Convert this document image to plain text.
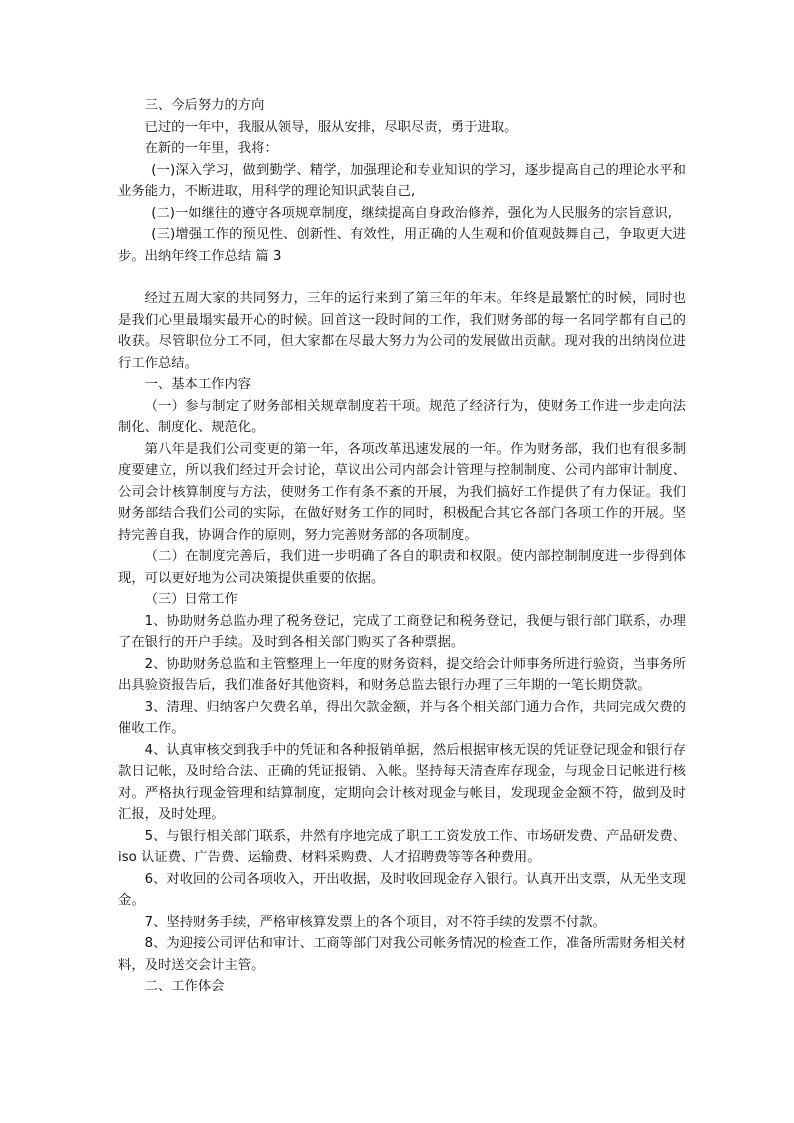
三、今后努力的方向

已过的一年中，我服从领导，服从安排，尽职尽责，勇于进取。

在新的一年里，我将：

(一)深入学习，做到勤学、精学，加强理论和专业知识的学习，逐步提高自己的理论水平和业务能力，不断进取，用科学的理论知识武装自己,

(二)一如继往的遵守各项规章制度，继续提高自身政治修养，强化为人民服务的宗旨意识,

(三)增强工作的预见性、创新性、有效性，用正确的人生观和价值观鼓舞自己，争取更大进步。出纳年终工作总结 篇 3

经过五周大家的共同努力，三年的运行来到了第三年的年末。年终是最繁忙的时候，同时也是我们心里最塌实最开心的时候。回首这一段时间的工作，我们财务部的每一名同学都有自己的收获。尽管职位分工不同，但大家都在尽最大努力为公司的发展做出贡献。现对我的出纳岗位进行工作总结。

一、基本工作内容

（一）参与制定了财务部相关规章制度若干项。规范了经济行为，使财务工作进一步走向法制化、制度化、规范化。

第八年是我们公司变更的第一年，各项改革迅速发展的一年。作为财务部，我们也有很多制度要建立，所以我们经过开会讨论，草议出公司内部会计管理与控制制度、公司内部审计制度、公司会计核算制度与方法，使财务工作有条不紊的开展，为我们搞好工作提供了有力保证。我们财务部结合我们公司的实际，在做好财务工作的同时，积极配合其它各部门各项工作的开展。坚持完善自我，协调合作的原则，努力完善财务部的各项制度。

（二）在制度完善后，我们进一步明确了各自的职责和权限。使内部控制制度进一步得到体现，可以更好地为公司决策提供重要的依据。

（三）日常工作

1、协助财务总监办理了税务登记，完成了工商登记和税务登记，我便与银行部门联系，办理了在银行的开户手续。及时到各相关部门购买了各种票据。

2、协助财务总监和主管整理上一年度的财务资料，提交给会计师事务所进行验资，当事务所出具验资报告后，我们准备好其他资料，和财务总监去银行办理了三年期的一笔长期贷款。

3、清理、归纳客户欠费名单，得出欠款金额，并与各个相关部门通力合作，共同完成欠费的催收工作。

4、认真审核交到我手中的凭证和各种报销单据，然后根据审核无误的凭证登记现金和银行存款日记帐，及时给合法、正确的凭证报销、入帐。坚持每天清查库存现金，与现金日记帐进行核对。严格执行现金管理和结算制度，定期向会计核对现金与帐目，发现现金金额不符，做到及时汇报，及时处理。

5、与银行相关部门联系，井然有序地完成了职工工资发放工作、市场研发费、产品研发费、iso 认证费、广告费、运输费、材料采购费、人才招聘费等等各种费用。

6、对收回的公司各项收入，开出收据，及时收回现金存入银行。认真开出支票，从无坐支现金。

7、坚持财务手续，严格审核算发票上的各个项目，对不符手续的发票不付款。

8、为迎接公司评估和审计、工商等部门对我公司帐务情况的检查工作，准备所需财务相关材料，及时送交会计主管。

二、工作体会
